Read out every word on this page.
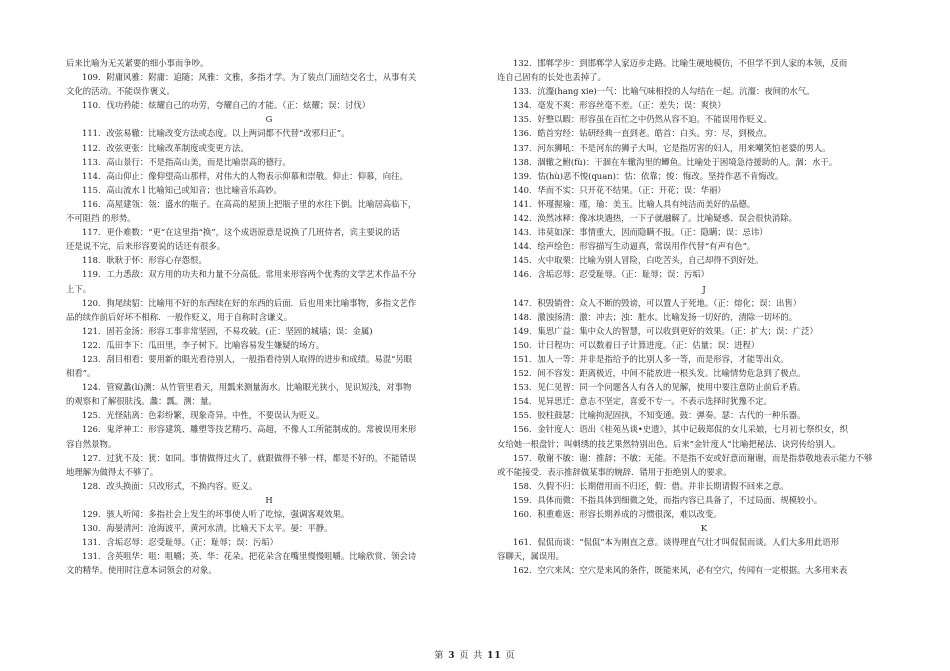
后来比喻为无关紧要的细小事而争吵。
109．附庸风雅：附庸：追随；风雅：文雅，多指才学。为了装点门面结交名士，从事有关
文化的活动。不能误作褒义。
110．伐功矜能：炫耀自己的功劳，夸耀自己的才能。（正：炫耀；误：讨伐）
G
111．改弦易辙：比喻改变方法或态度。以上两词都不代替“改邪归正”。
112．改弦更张：比喻改革制度或变更方法。
113．高山景行：不是指高山美，而是比喻崇高的德行。
114．高山仰止：像仰望高山那样，对伟大的人物表示仰慕和崇敬。仰止：仰慕，向往。
115．高山流水 l 比喻知己或知音；也比喻音乐高妙。
116．高屋建瓴：瓴：盛水的瓶子。在高高的屋顶上把瓶子里的水往下倒。比喻居高临下，
不可阻挡 的形势。
117．更仆难数：“更”在这里指“换”，这个成语原意是说换了几班侍者，宾主要说的话
还是说不完，后来形容要说的话还有很多。
118．耿耿于怀：形容心存怨恨。
119．工力悉敌：双方用的功夫和力量不分高低。常用来形容两个优秀的文学艺术作品不分
上下。
120．狗尾续貂：比喻用不好的东西续在好的东西的后面．后也用来比喻事物，多指文艺作
品的续作前后好坏不相称．一般作贬义，用于自称时含谦义。
121．固若金汤：形容工事非常坚固，不易攻破。(正：坚固的城墙；误：金属)
122．瓜田李下：瓜田里，李子树下。比喻容易发生嫌疑的场方。
123．刮目相看：要用新的眼光看待别人，一般指看待别人取得的进步和成绩。易混“另眼
相看”。
124．管窥蠡(lí)测：从竹管里看天，用瓢来测量海水。比喻眼光狭小，见识短浅，对事物
的观察和了解很肤浅。蠡：瓢。测：量。
125．光怪陆离：色彩纷繁，现象奇异。中性，不要误认为贬义。
126．鬼斧神工：形容建筑、雕塑等技艺精巧、高超，不像人工所能制成的。常被误用来形
容自然景物。
127．过犹不及：犹：如同。事情做得过火了，就跟做得不够一样，都是不好的。不能错误
地理解为做得太不够了。
128．改头换面：只改形式，不换内容。贬义。
H
129．骇人听闻：多指社会上发生的坏事使人听了吃惊，强调客观效果。
130．海晏清河：沧海波平，黄河水清，比喻天下太平。晏：平静。
131．含垢忍辱：忍受耻辱。（正：耻辱；误：污垢）
131．含英咀华：咀：咀嚼；英、华：花朵。把花朵含在嘴里慢慢咀嚼。比喻欣赏、领会诗
文的精华。使用时注意本词领会的对象。
132．邯郸学步：到邯郸学人家迈步走路。比喻生硬地模仿，不但学不到人家的本领，反而
连自己固有的长处也丢掉了。
133．沆瀣(hang xie)一气：比喻气味相投的人勾结在一起。沆瀣：夜间的水气。
134．毫发不爽：形容丝毫不差。（正：差失；误：爽快）
135．好整以暇：形容虽在百忙之中仍然从容不迫。不能误用作贬义。
136．皓首穷经：钻研经典一直到老。皓首：白头。穷：尽，到极点。
137．河东狮吼：不是河东的狮子大叫，它是指厉害的妇人，用来嘲笑怕老婆的男人。
138．涸辙之鲋(fù)：干涸在车辙沟里的鲫鱼。比喻处于困境急待援助的人。涸：水干。
139．怙(hù)恶不悛(quan)：怙：依靠；悛：悔改。坚持作恶不肯悔改。
140．华而不实：只开花不结果。（正：开花；误：华丽）
141．怀瑾握瑜：瑾，瑜：美玉。比喻人具有纯洁而美好的品德。
142．涣然冰释：像冰块遇热，一下子就融解了。比喻疑惑、误会很快消除。
143．讳莫如深：事情重大，因而隐瞒不报。（正：隐瞒；误：忌讳）
144．绘声绘色：形容描写生动逼真，常误用作代替“有声有色”。
145．火中取栗：比喻为别人冒险，白吃苦头，自己却得不到好处。
146．含垢忍辱：忍受耻辱。（正：耻辱；误：污垢）
J
147．积毁销骨：众人不断的毁谤，可以置人于死地。（正：熔化；误：出售）
148．激浊扬清：激：冲去；浊：脏水。比喻发扬一切好的，清除一切坏的。
149．集思广益：集中众人的智慧，可以收到更好的效果。（正：扩大；误：广泛）
150．计日程功：可以数着日子计算进度。（正：估量；误：进程）
151．加人一等：并非是指给予的比别人多一等，而是形容，才能等出众。
152．间不容发：距离极近，中间不能放进一根头发。比喻情势危急到了极点。
153．见仁见智：同一个问题各人有各人的见解，使用中要注意防止前后矛盾。
154．见异思迁：意志不坚定，喜爱不专一。不表示选择时犹豫不定。
155．胶柱鼓瑟：比喻拘泥固执，不知变通。鼓：弹奏。瑟：古代的一种乐器。
156．金针度人：语出《桂苑丛谈•史遗》，其中记载郑侃的女儿采娘，七月初七祭织女，织
女给她一根盘针；叫刺绣的技艺果然特别出色。后来“金针度人”比喻把秘法、诀窍传给别人。
157．敬谢不敏：谢：推辞；不敏：无能。不是指不安或好意而谢谢，而是指恭敬地表示能力不够
或不能接受．表示推辞做某事的婉辞．错用于拒绝别人的要求。
158．久假不归：长期借用而不归还，假：借。并非长期请假不回来之意。
159．具体而微：不指具体到细微之处，而指内容已具备了，不过局面、规模较小。
160．积重难返：形容长期养成的习惯很深，难以改变。
K
161．侃侃而谈：“侃侃”本为刚直之意。谈得理直气壮才叫侃侃而谈。人们大多用此语形
容聊天，属误用。
162．空穴来风：空穴是来风的条件，既能来风，必有空穴，传闻有一定根据。大多用来表
第 3 页 共 11 页
